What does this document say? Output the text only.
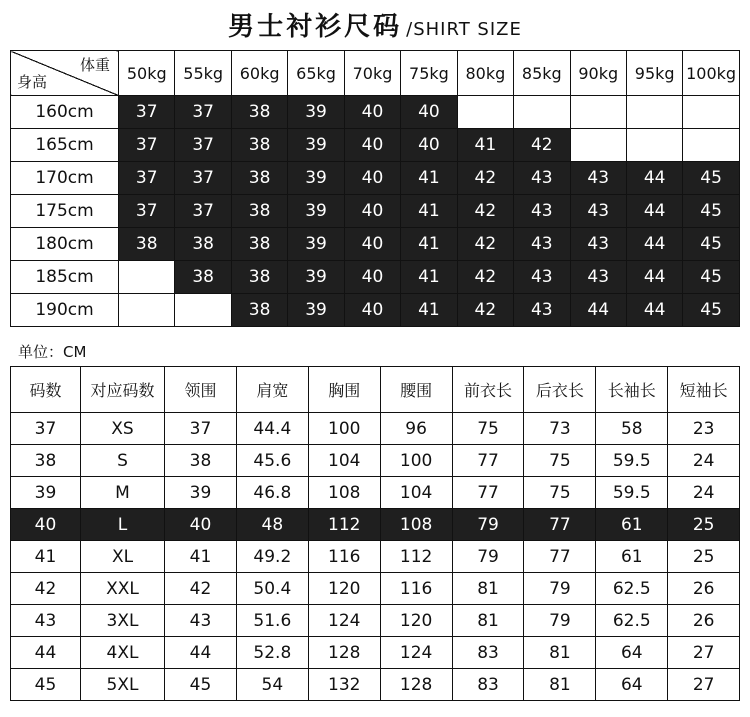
男士衬衫尺码 /SHIRT SIZE
体重
身高	50kg	55kg	60kg	65kg	70kg	75kg	80kg	85kg	90kg	95kg	100kg
160cm	37	37	38	39	40	40					
165cm	37	37	38	39	40	40	41	42			
170cm	37	37	38	39	40	41	42	43	43	44	45
175cm	37	37	38	39	40	41	42	43	43	44	45
180cm	38	38	38	39	40	41	42	43	43	44	45
185cm		38	38	39	40	41	42	43	43	44	45
190cm			38	39	40	41	42	43	44	44	45
单位：CM
码数	对应码数	领围	肩宽	胸围	腰围	前衣长	后衣长	长袖长	短袖长
37	XS	37	44.4	100	96	75	73	58	23
38	S	38	45.6	104	100	77	75	59.5	24
39	M	39	46.8	108	104	77	75	59.5	24
40	L	40	48	112	108	79	77	61	25
41	XL	41	49.2	116	112	79	77	61	25
42	XXL	42	50.4	120	116	81	79	62.5	26
43	3XL	43	51.6	124	120	81	79	62.5	26
44	4XL	44	52.8	128	124	83	81	64	27
45	5XL	45	54	132	128	83	81	64	27
